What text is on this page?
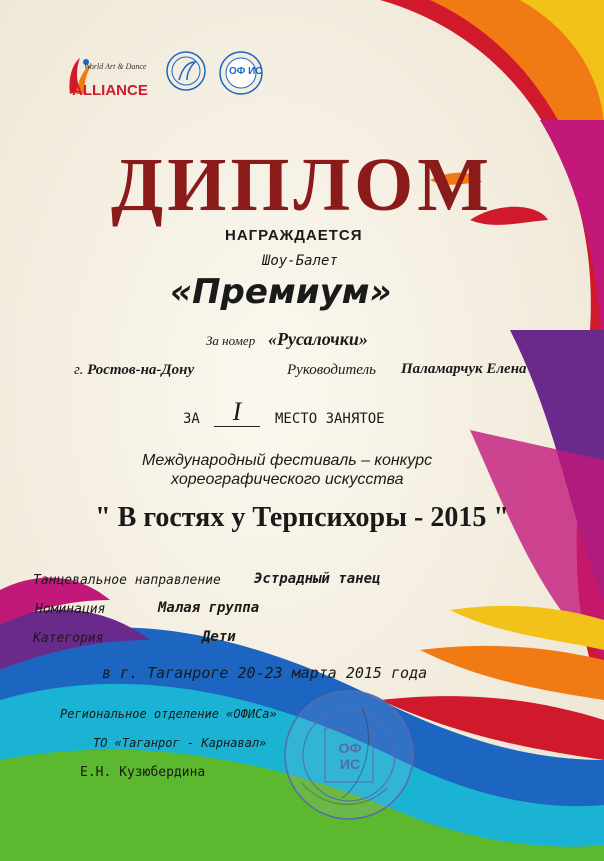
World Art & Dance
ALLIANCE
ОФ ИС
ДИПЛОМ
НАГРАЖДАЕТСЯ
Шоу-Балет
«Премиум»
За номер «Русалочки»
г. Ростов-на-Дону	Руководитель Паламарчук Елена
ЗА	I	МЕСТО ЗАНЯТОЕ
Международный фестиваль – конкурс
хореографического искусства
" В гостях у Терпсихоры - 2015 "
Танцевальное направление Эстрадный танец
Номинация	Малая группа
Категория	Дети
в г. Таганроге 20-23 марта 2015 года
Региональное отделение «ОФИСа»
ТО «Таганрог - Карнавал»
Е.Н. Кузюбердина
ОФ ИС
